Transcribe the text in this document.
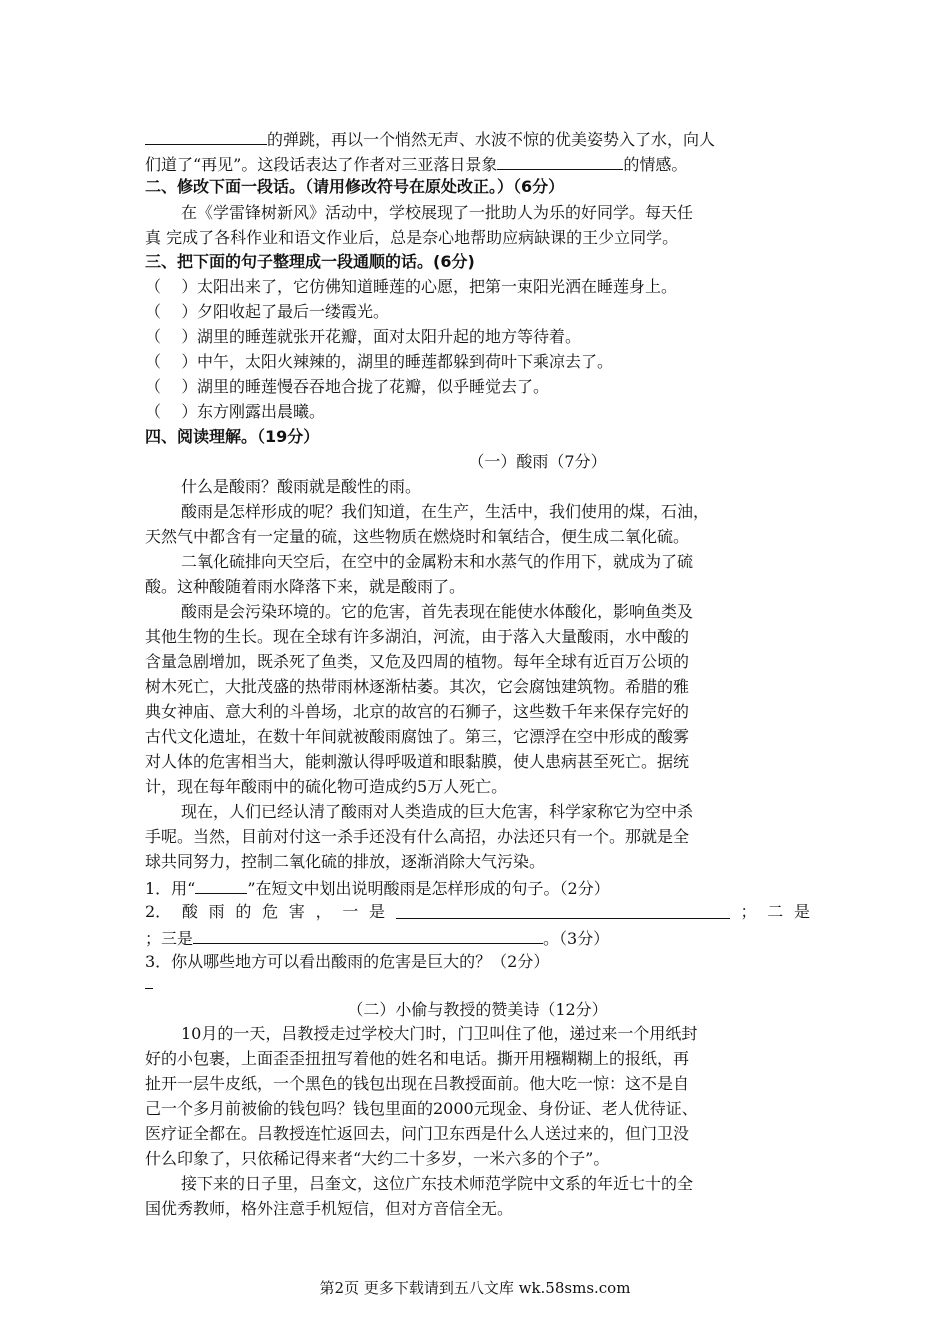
的弹跳，再以一个悄然无声、水波不惊的优美姿势入了水，向人
们道了“再见”。这段话表达了作者对三亚落日景象	的情感。
二、修改下面一段话。（请用修改符号在原处改正。）（6分）
在《学雷锋树新风》活动中，学校展现了一批助人为乐的好同学。每天任
真 完成了各科作业和语文作业后，总是奈心地帮助应病缺课的王少立同学。
三、把下面的句子整理成一段通顺的话。(6分)
（ ）太阳出来了，它仿佛知道睡莲的心愿，把第一束阳光洒在睡莲身上。
（ ）夕阳收起了最后一缕霞光。
（ ）湖里的睡莲就张开花瓣，面对太阳升起的地方等待着。
（ ）中午，太阳火辣辣的，湖里的睡莲都躲到荷叶下乘凉去了。
（ ）湖里的睡莲慢吞吞地合拢了花瓣，似乎睡觉去了。
（ ）东方刚露出晨曦。
四、阅读理解。（19分）
（一）酸雨（7分）
什么是酸雨？酸雨就是酸性的雨。
酸雨是怎样形成的呢？我们知道，在生产，生活中，我们使用的煤，石油，
天然气中都含有一定量的硫，这些物质在燃烧时和氧结合，便生成二氧化硫。
二氧化硫排向天空后，在空中的金属粉末和水蒸气的作用下，就成为了硫
酸。这种酸随着雨水降落下来，就是酸雨了。
酸雨是会污染环境的。它的危害，首先表现在能使水体酸化，影响鱼类及
其他生物的生长。现在全球有许多湖泊，河流，由于落入大量酸雨，水中酸的
含量急剧增加，既杀死了鱼类，又危及四周的植物。每年全球有近百万公顷的
树木死亡，大批茂盛的热带雨林逐渐枯萎。其次，它会腐蚀建筑物。希腊的雅
典女神庙、意大利的斗兽场，北京的故宫的石狮子，这些数千年来保存完好的
古代文化遗址，在数十年间就被酸雨腐蚀了。第三，它漂浮在空中形成的酸雾
对人体的危害相当大，能刺激认得呼吸道和眼黏膜，使人患病甚至死亡。据统
计，现在每年酸雨中的硫化物可造成约5万人死亡。
现在，人们已经认清了酸雨对人类造成的巨大危害，科学家称它为空中杀
手呢。当然，目前对付这一杀手还没有什么高招，办法还只有一个。那就是全
球共同努力，控制二氧化硫的排放，逐渐消除大气污染。
1．用“	”在短文中划出说明酸雨是怎样形成的句子。（2分）
2． 酸 雨 的 危 害 ， 一 是	； 二 是
；三是	。（3分）
3．你从哪些地方可以看出酸雨的危害是巨大的？（2分）
（二）小偷与教授的赞美诗（12分）
10月的一天，吕教授走过学校大门时，门卫叫住了他，递过来一个用纸封
好的小包裹，上面歪歪扭扭写着他的姓名和电话。撕开用糨糊糊上的报纸，再
扯开一层牛皮纸，一个黑色的钱包出现在吕教授面前。他大吃一惊：这不是自
己一个多月前被偷的钱包吗？钱包里面的2000元现金、身份证、老人优待证、
医疗证全都在。吕教授连忙返回去，问门卫东西是什么人送过来的，但门卫没
什么印象了，只依稀记得来者“大约二十多岁，一米六多的个子”。
接下来的日子里，吕奎文，这位广东技术师范学院中文系的年近七十的全
国优秀教师，格外注意手机短信，但对方音信全无。
第2页 更多下载请到五八文库 wk.58sms.com
